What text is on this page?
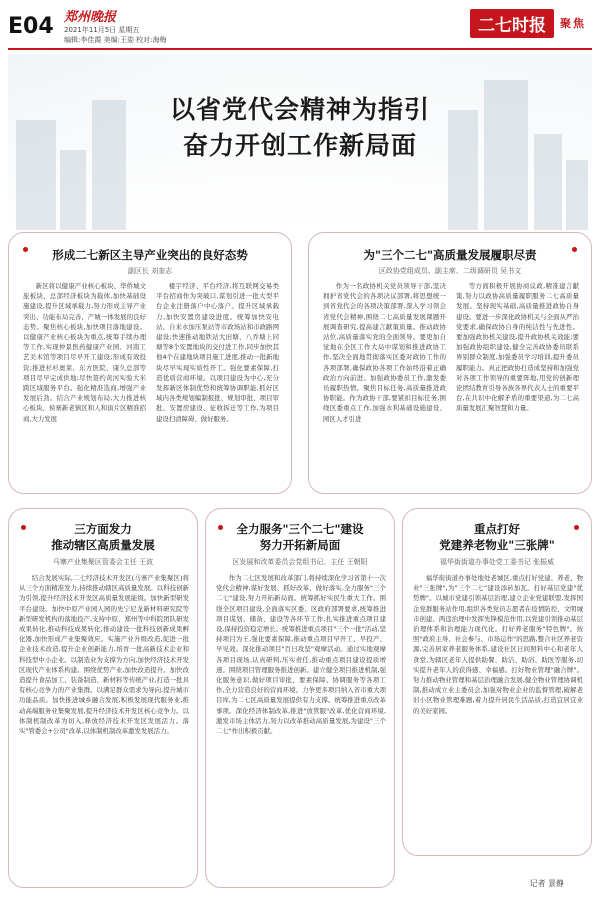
E04 郑州晚报
2021年11月5日 星期五
编辑:李佳霞 美编:王姿 校对:海梅
二七时报	聚焦
以省党代会精神为指引
奋力开创工作新局面
形成二七新区主导产业突出的良好态势
副区长 刘奎志

新区将以健康产业核心板块、华侨城文旅板块、总部经济板块为载体,加快基础设施建设,提升区域承载力,努力形成主导产业突出、功能布局完善、产城一体发展的良好态势。聚焦核心板块,加快项目落地建设。以健康产业核心板块为重点,统筹手续办理等工作,实现仲景医药健康产业园、河南工艺美术馆等项目尽早开工建设;形成有效投资;推进杉杉奥莱、东方医院、康久总部等项目尽早完成供地;尽快签约黄河实验大米跨区域服务平台。强化精准选商,增强产业发展后劲。结合产业规划布局,大力推进核心板块、侯寨新老镇区和人和街片区精准招商,大力发展

楼宇经济、平台经济,将互联网交易类平台招商作为突破口,谋划引进一批大型平台企业注册落户中心落户。提升区域承载力,加快安置房建设进度。统筹加快安电站、自来水加压泵站等市政场站和市政路网建设;快速推动地铁站大田塘、八乔塘上同塘等8个安置地块的交付进工作,同步加快其他4个在建地块项目施工进度,推动一批新地块尽早实现实质性开工。强化要素保障,打造优质营商环境。以项目建设为中心,充分发挥新区体制优势和统筹协调职能,抓好区域内各类规划编制报批、规划审批、项目审批、安置房建设、征收拆迁等工作,为项目建设扫清障碍、做好服务。

为"三个二七"高质量发展履职尽责
区政协党组成员、副主席、二级调研员 吴书文

作为一名政协机关党员领导干部,坚决拥护省党代会的各项决议部署,将思想统一到省党代会的各项决策部署,深入学习领会省党代会精神,围绕二七高质量发展课题开展调查研究,提高建言献策质量。推动政协站位,高质量落实党的全面领导。要更加自觉地在全区工作大局中谋划和推进政协工作,坚决全面地贯彻落实区委对政协工作的各项部署,确保政协各项工作始终沿着正确政治方向前进。加强政协委员工作,激发委员履职热情。聚焦目标任务,高质量推进政协职能。作为政协干部,要紧扣目标任务,围绕区委重点工作,加强水利基础设施建设、园区人才引进

等方面积极开展协商议政,精准建言献策,努力以政协高质量履职服务二七高质量发展。坚持现实基础,高质量推进政协自身建设。要进一步深化政协机关与全面从严治党要求,确保政协自身的纯洁性与先进性。要加强政协机关建设,提升政协机关效能;要加强政协组织建设,健全完善政协委员联系界别群众制度,加强委员学习培训,提升委员履职能力。真正把政协打造成坚持和加强党对各项工作领导的重要阵地,用党的创新理论团结教育引导各族各界代表人士的重要平台,在共识中化解矛盾的重要渠道,为二七高质量发展汇聚智慧和力量。

三方面发力
推动辖区高质量发展
马寨产业集聚区管委会主任 王波

结合发展实际,二七经济技术开发区(马寨产业集聚区)将从三个方面精准发力,持续推动辖区高质量发展。以科技创新为引领,提升经济技术开发区高质量发展能级。加快新型研发平台建设。加快中原产业园人园的先宁尼龙新材料研究院等新型研发机构的落地投产,支持中原、郑州等中科院团队研发成果转化,推动科技成果转化,推动建设一批科技创新成果孵化器,加快形成产业集聚效应。实施产业升级改造,促进一批企业技术改造,提升企业创新能力,培育一批高新技术企业和科技型中小企业。以制造业为支撑为方向,加快经济技术开发区现代产业体系构建。围绕优势产业,加快改造提升。加快改造提升食品加工、装备制造、新材料等传统产业,打造一批具有核心竞争力的产业集群。以满足群众需求为导向,提升城市功能品质。加快推进城乡融合发展,积极发展现代服务业,推动高端服务业集聚发展,提升经济技术开发区核心竞争力。以体制机制改革为切入,释放经济技术开发区发展活力。落实"管委会+公司"改革,以体制机制改革激发发展活力。

全力服务"三个二七"建设
努力开拓新局面
区发展和改革委员会党组书记、主任 王朝阳

作为二七区发展和改革部门,将持续深化学习省第十一次党代会精神,谋好发展、抓好改革、做好落实,全力服务"三个二七"建设,努力开拓新局面。统筹抓好实民生重大工作。围绕全区项目建设,全面落实区委、区政府部署要求,统筹推进项目谋划、储备、建设等各环节工作,扎实推进重点项目建设,保持投资稳定增长。统筹推进重点项目"三个一批"活动,坚持项目为王,强化要素保障,推动重点项目早开工、早投产、早见效。深化推动项目"百日攻坚"观摩活动。通过实地观摩各项目现场,认真研判,压实责任,推动重点项目建设提质增速。围绕项目管理服务推进创新。建立健全项目推进机制,强化服务意识,做好项目审批、要素保障、协调服务等各项工作,全力营造良好的营商环境。力争更多项目纳入省市重大项目库,为二七区高质量发展提供有力支撑。统筹推进重点改革事项。深化经济体制改革,推进"放管服"改革,优化营商环境,激发市场主体活力,努力以改革推动高质量发展,为建设"三个二七"作出积极贡献。

重点打好
党建养老物业"三张牌"
福华街街道办事处党工委书记 张振威

福华街街道办事处地处老城区,重点打好党建、养老、物业"三张牌",为"三个二七"建设添砖加瓦。打好基层党建"优势牌"。以城市党建引领基层治理,建立企业党建联盟,发挥国企党群服务站作用,组织各类党员志愿者在疫情防控、文明城市创建、两违治理中发挥先锋模范作用,以党建引领推动基层治理体系和治理能力现代化。打好养老服务"特色牌"。按照"政府主导、社会参与、市场运作"的思路,整合社区养老资源,完善居家养老服务体系,建设社区日间照料中心和老年人食堂,为辖区老年人提供助餐、助洁、助浴、助医等服务,切实提升老年人的获得感、幸福感。打好物业管理"融合牌"。努力推动物业管理和基层治理融合发展,健全物业管理协调机制,推动成立业主委员会,加强对物业企业的监督管理,破解老旧小区物业管理难题,着力提升居民生活品质,打造宜居宜业的美好家园。

记者 景静
